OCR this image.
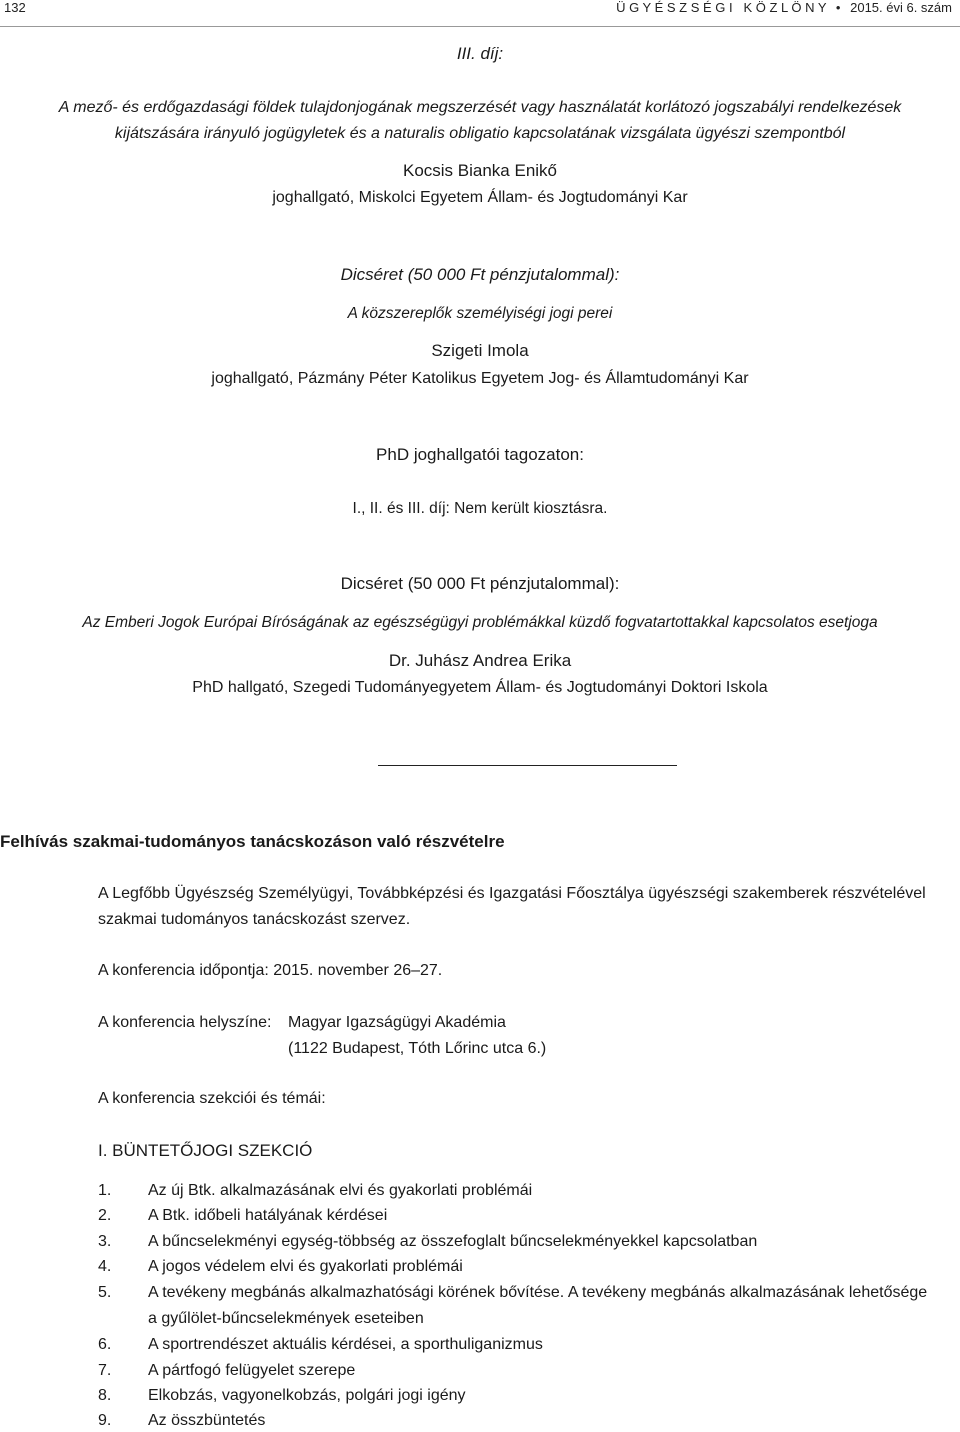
132	Ü G Y É S Z S É G I   K Ö Z L Ö N Y • 2015. évi 6. szám
III. díj:
A mező- és erdőgazdasági földek tulajdonjogának megszerzését vagy használatát korlátozó jogszabályi rendelkezések
kijátszására irányuló jogügyletek és a naturalis obligatio kapcsolatának vizsgálata ügyészi szempontból
Kocsis Bianka Enikő
joghallgató, Miskolci Egyetem Állam- és Jogtudományi Kar
Dicséret (50 000 Ft pénzjutalommal):
A közszereplők személyiségi jogi perei
Szigeti Imola
joghallgató, Pázmány Péter Katolikus Egyetem Jog- és Államtudományi Kar
PhD joghallgatói tagozaton:
I., II. és III. díj: Nem került kiosztásra.
Dicséret (50 000 Ft pénzjutalommal):
Az Emberi Jogok Európai Bíróságának az egészségügyi problémákkal küzdő fogvatartottakkal kapcsolatos esetjoga
Dr. Juhász Andrea Erika
PhD hallgató, Szegedi Tudományegyetem Állam- és Jogtudományi Doktori Iskola
Felhívás szakmai-tudományos tanácskozáson való részvételre
A Legfőbb Ügyészség Személyügyi, Továbbképzési és Igazgatási Főosztálya ügyészségi szakemberek részvételével
szakmai tudományos tanácskozást szervez.
A konferencia időpontja: 2015. november 26–27.
A konferencia helyszíne: Magyar Igazságügyi Akadémia
(1122 Budapest, Tóth Lőrinc utca 6.)
A konferencia szekciói és témái:
I. BÜNTETŐJOGI SZEKCIÓ
1. Az új Btk. alkalmazásának elvi és gyakorlati problémái
2. A Btk. időbeli hatályának kérdései
3. A bűncselekményi egység-többség az összefoglalt bűncselekményekkel kapcsolatban
4. A jogos védelem elvi és gyakorlati problémái
5. A tevékeny megbánás alkalmazhatósági körének bővítése. A tevékeny megbánás alkalmazásának lehetősége
a gyűlölet-bűncselekmények eseteiben
6. A sportrendészet aktuális kérdései, a sporthuliganizmus
7. A pártfogó felügyelet szerepe
8. Elkobzás, vagyonelkobzás, polgári jogi igény
9. Az összbüntetés
